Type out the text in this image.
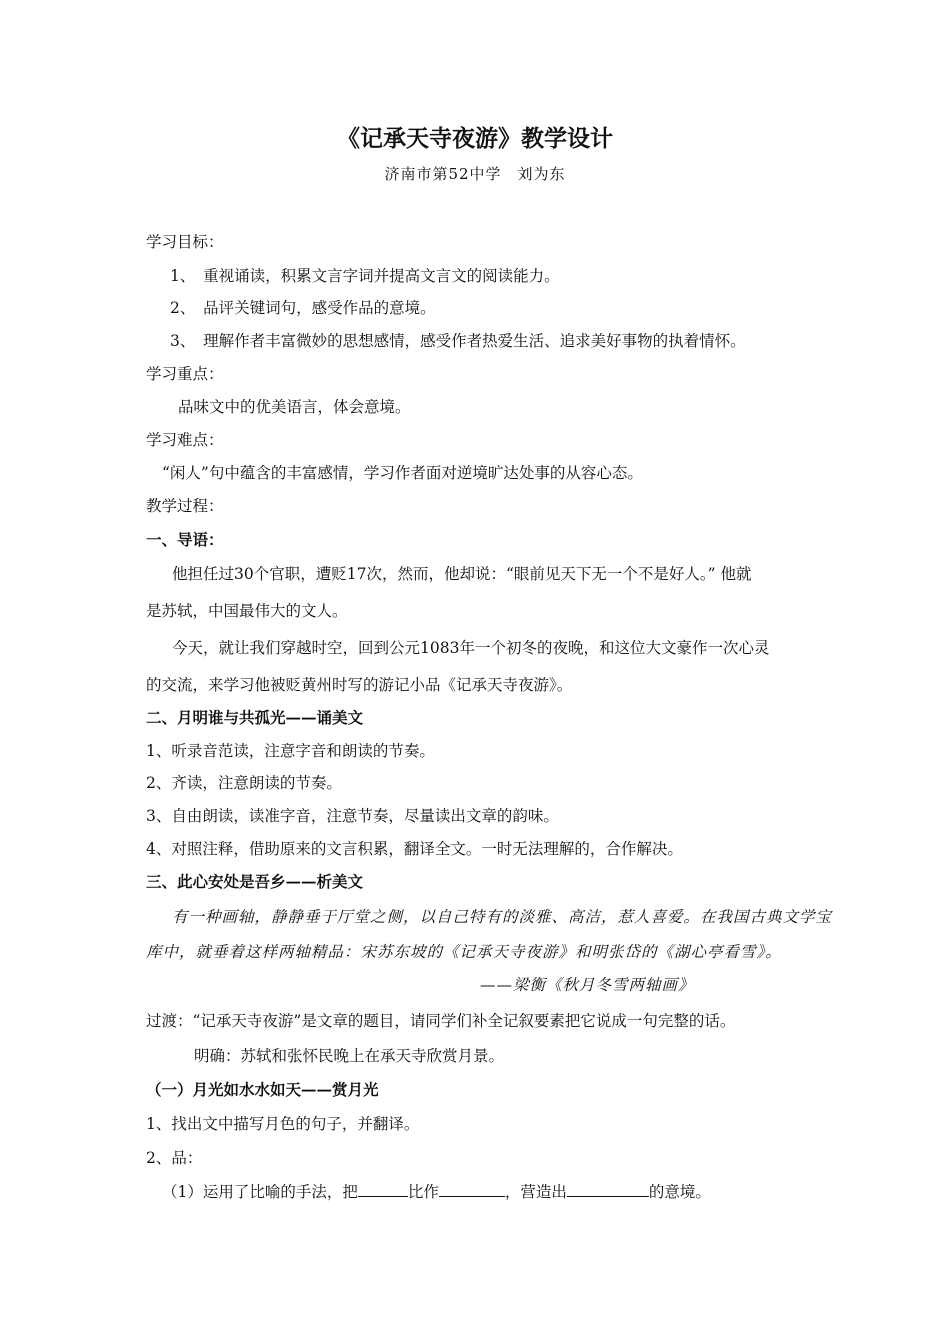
《记承天寺夜游》教学设计
济南市第52中学　刘为东
学习目标：
1、　重视诵读，积累文言字词并提高文言文的阅读能力。
2、　品评关键词句，感受作品的意境。
3、　理解作者丰富微妙的思想感情，感受作者热爱生活、追求美好事物的执着情怀。
学习重点：
品味文中的优美语言，体会意境。
学习难点：
“闲人”句中蕴含的丰富感情，学习作者面对逆境旷达处事的从容心态。
教学过程：
一、导语：
他担任过30个官职，遭贬17次，然而，他却说：“眼前见天下无一个不是好人。” 他就
是苏轼，中国最伟大的文人。
今天，就让我们穿越时空，回到公元1083年一个初冬的夜晚，和这位大文豪作一次心灵
的交流，来学习他被贬黄州时写的游记小品《记承天寺夜游》。
二、月明谁与共孤光——诵美文
1、听录音范读，注意字音和朗读的节奏。
2、齐读，注意朗读的节奏。
3、自由朗读，读准字音，注意节奏，尽量读出文章的韵味。
4、对照注释，借助原来的文言积累，翻译全文。一时无法理解的，合作解决。
三、此心安处是吾乡——析美文
有一种画轴，静静垂于厅堂之侧，以自己特有的淡雅、高洁，惹人喜爱。在我国古典文学宝
库中，就垂着这样两轴精品：宋苏东坡的《记承天寺夜游》和明张岱的《湖心亭看雪》。
——梁衡《秋月冬雪两轴画》
过渡：“记承天寺夜游”是文章的题目，请同学们补全记叙要素把它说成一句完整的话。
明确：苏轼和张怀民晚上在承天寺欣赏月景。
（一）月光如水水如天——赏月光
1、找出文中描写月色的句子，并翻译。
2、品：
（1）运用了比喻的手法，把	比作	，营造出	的意境。
